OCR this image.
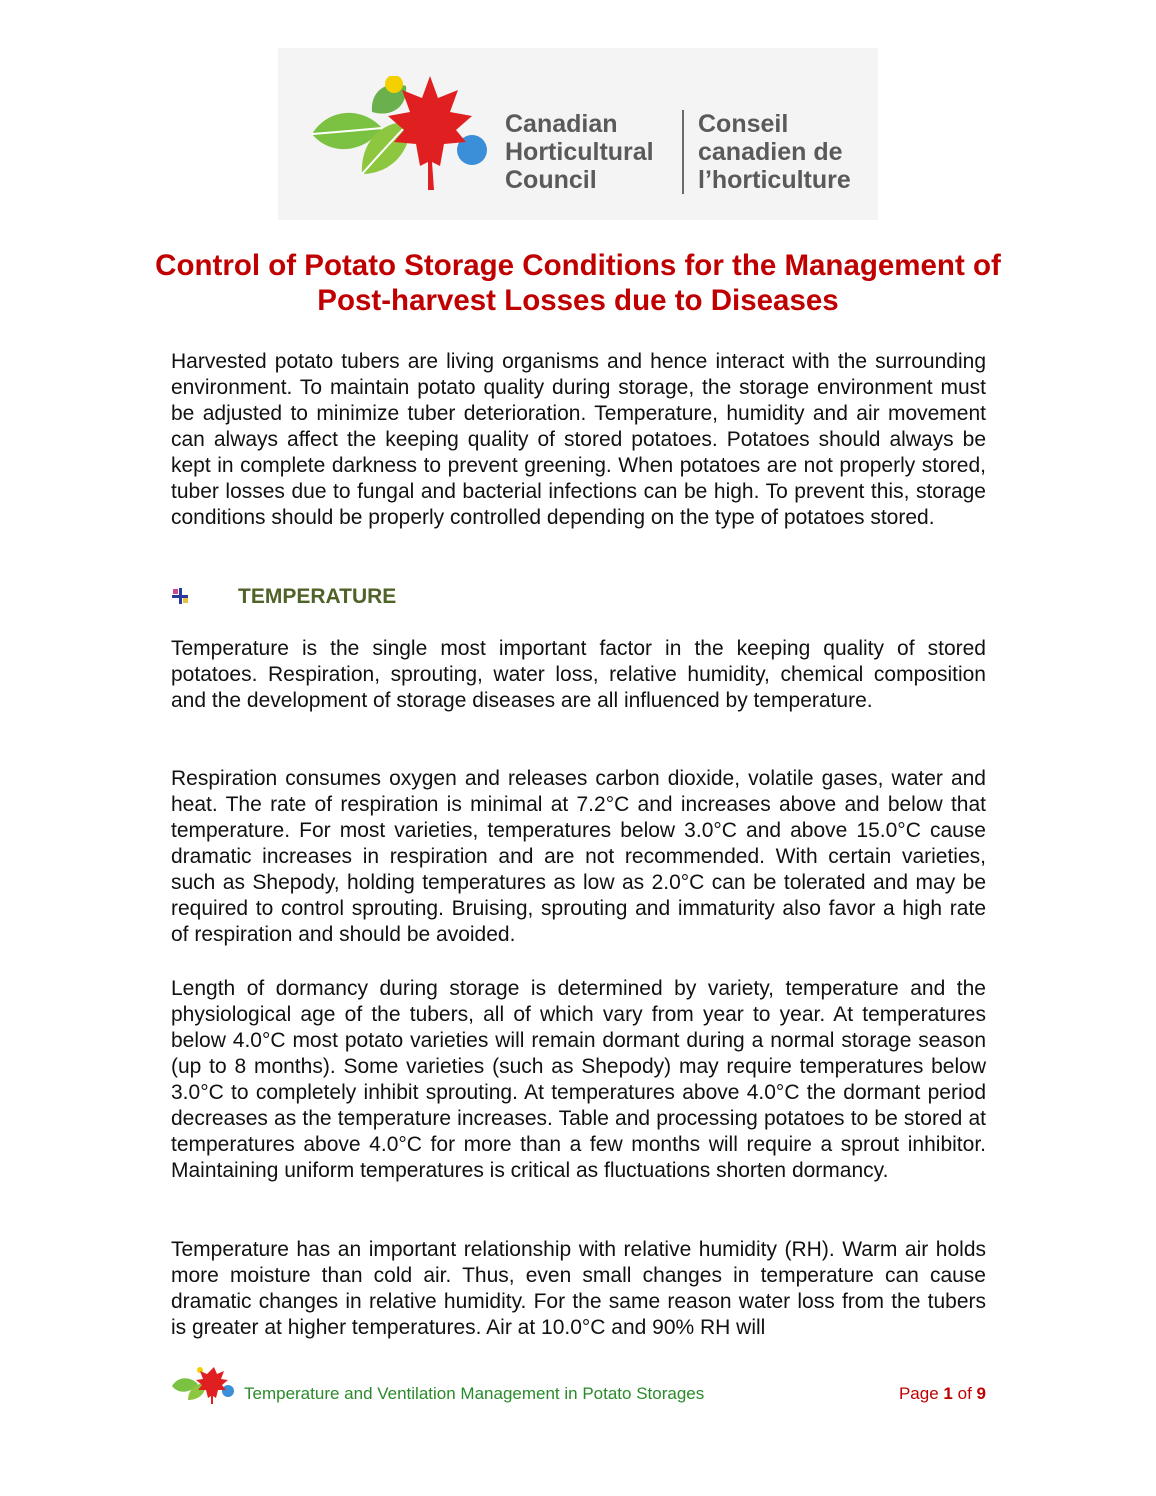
Canadian
Horticultural
Council
Conseil
canadien de
l’horticulture
Control of Potato Storage Conditions for the Management of Post-harvest Losses due to Diseases

Harvested potato tubers are living organisms and hence interact with the surrounding environment. To maintain potato quality during storage, the storage environment must be adjusted to minimize tuber deterioration. Temperature, humidity and air movement can always affect the keeping quality of stored potatoes. Potatoes should always be kept in complete darkness to prevent greening. When potatoes are not properly stored, tuber losses due to fungal and bacterial infections can be high. To prevent this, storage conditions should be properly controlled depending on the type of potatoes stored.

TEMPERATURE

Temperature is the single most important factor in the keeping quality of stored potatoes. Respiration, sprouting, water loss, relative humidity, chemical composition and the development of storage diseases are all influenced by temperature.

Respiration consumes oxygen and releases carbon dioxide, volatile gases, water and heat. The rate of respiration is minimal at 7.2°C and increases above and below that temperature. For most varieties, temperatures below 3.0°C and above 15.0°C cause dramatic increases in respiration and are not recommended. With certain varieties, such as Shepody, holding temperatures as low as 2.0°C can be tolerated and may be required to control sprouting. Bruising, sprouting and immaturity also favor a high rate of respiration and should be avoided.

Length of dormancy during storage is determined by variety, temperature and the physiological age of the tubers, all of which vary from year to year. At temperatures below 4.0°C most potato varieties will remain dormant during a normal storage season (up to 8 months). Some varieties (such as Shepody) may require temperatures below 3.0°C to completely inhibit sprouting. At temperatures above 4.0°C the dormant period decreases as the temperature increases. Table and processing potatoes to be stored at temperatures above 4.0°C for more than a few months will require a sprout inhibitor. Maintaining uniform temperatures is critical as fluctuations shorten dormancy.

Temperature has an important relationship with relative humidity (RH). Warm air holds more moisture than cold air. Thus, even small changes in temperature can cause dramatic changes in relative humidity. For the same reason water loss from the tubers is greater at higher temperatures. Air at 10.0°C and 90% RH will

Temperature and Ventilation Management in Potato Storages	Page 1 of 9
